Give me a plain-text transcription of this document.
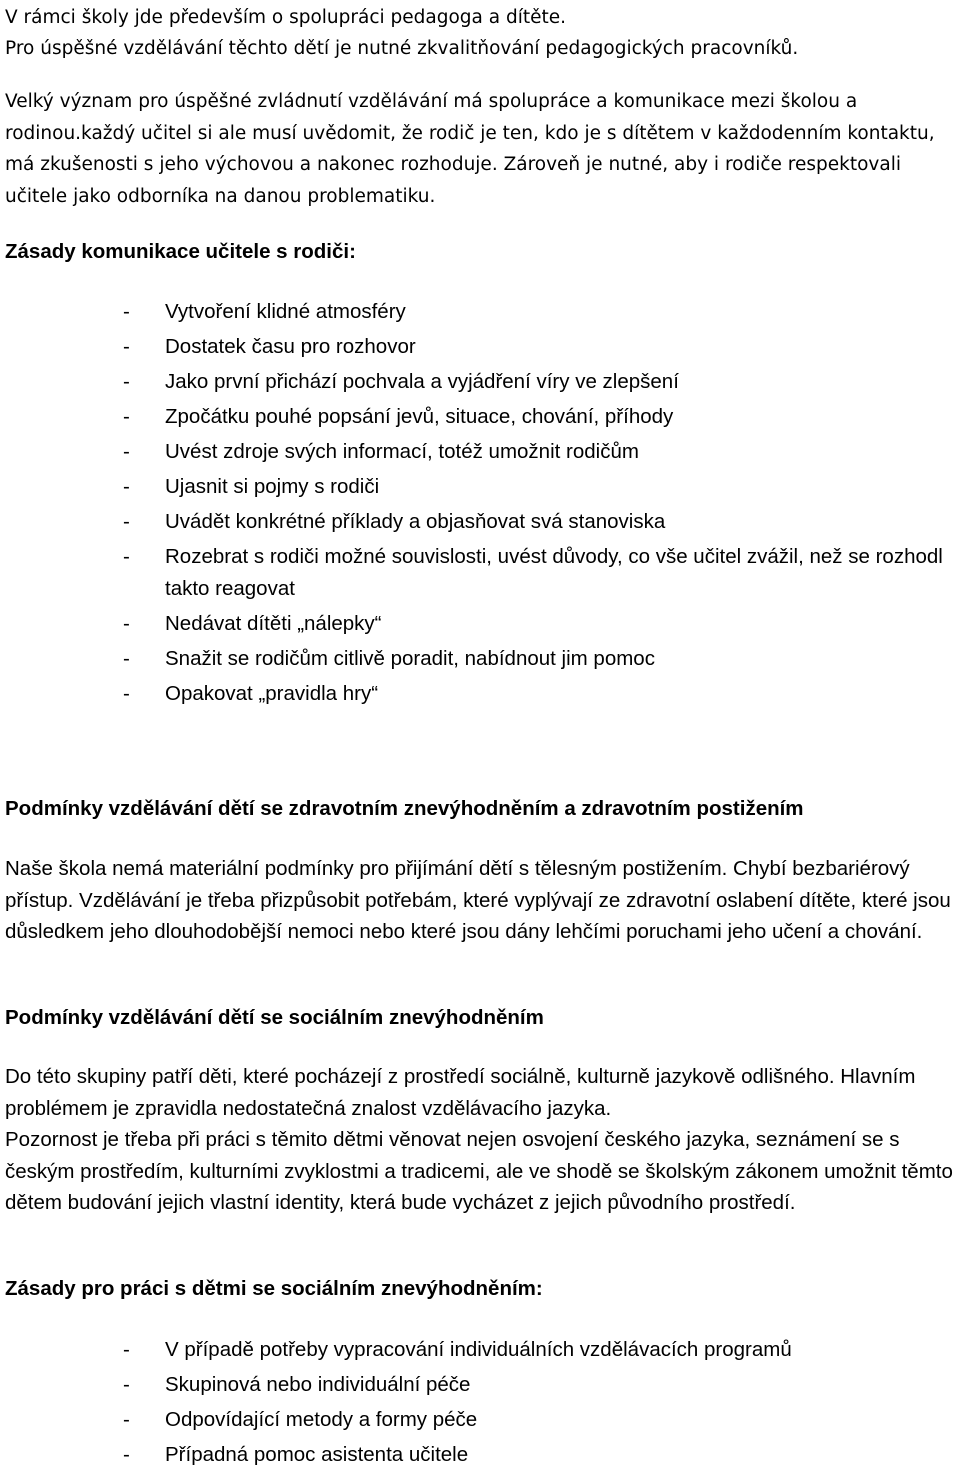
V rámci školy jde především o spolupráci pedagoga a dítěte.
Pro úspěšné vzdělávání těchto dětí je nutné zkvalitňování pedagogických pracovníků.

Velký význam pro úspěšné zvládnutí vzdělávání má spolupráce a komunikace mezi školou a rodinou.každý učitel si ale musí uvědomit, že rodič je ten, kdo je s dítětem v každodenním kontaktu, má zkušenosti s jeho výchovou a nakonec rozhoduje. Zároveň je nutné, aby i rodiče respektovali učitele jako odborníka na danou problematiku.

Zásady komunikace učitele s rodiči:
- Vytvoření klidné atmosféry
- Dostatek času pro rozhovor
- Jako první přichází pochvala a vyjádření víry ve zlepšení
- Zpočátku pouhé popsání jevů, situace, chování, příhody
- Uvést zdroje svých informací, totéž umožnit rodičům
- Ujasnit si pojmy s rodiči
- Uvádět konkrétné příklady a objasňovat svá stanoviska
- Rozebrat s rodiči možné souvislosti, uvést důvody, co vše učitel zvážil, než se rozhodl takto reagovat
- Nedávat dítěti „nálepky“
- Snažit se rodičům citlivě poradit, nabídnout jim pomoc
- Opakovat „pravidla hry“
Podmínky vzdělávání dětí se zdravotním znevýhodněním a zdravotním postižením

Naše škola nemá materiální podmínky pro přijímání dětí s tělesným postižením. Chybí bezbariérový přístup. Vzdělávání je třeba přizpůsobit potřebám, které vyplývají ze zdravotní oslabení dítěte, které jsou důsledkem jeho dlouhodobější nemoci nebo které jsou dány lehčími poruchami jeho učení a chování.

Podmínky vzdělávání dětí se sociálním znevýhodněním

Do této skupiny patří děti, které pocházejí z prostředí sociálně, kulturně jazykově odlišného. Hlavním problémem je zpravidla nedostatečná znalost vzdělávacího jazyka.

Pozornost je třeba při práci s těmito dětmi věnovat nejen osvojení českého jazyka, seznámení se s českým prostředím, kulturními zvyklostmi a tradicemi, ale ve shodě se školským zákonem umožnit těmto dětem budování jejich vlastní identity, která bude vycházet z jejich původního prostředí.

Zásady pro práci s dětmi se sociálním znevýhodněním:
- V případě potřeby vypracování individuálních vzdělávacích programů
- Skupinová nebo individuální péče
- Odpovídající metody a formy péče
- Případná pomoc asistenta učitele
